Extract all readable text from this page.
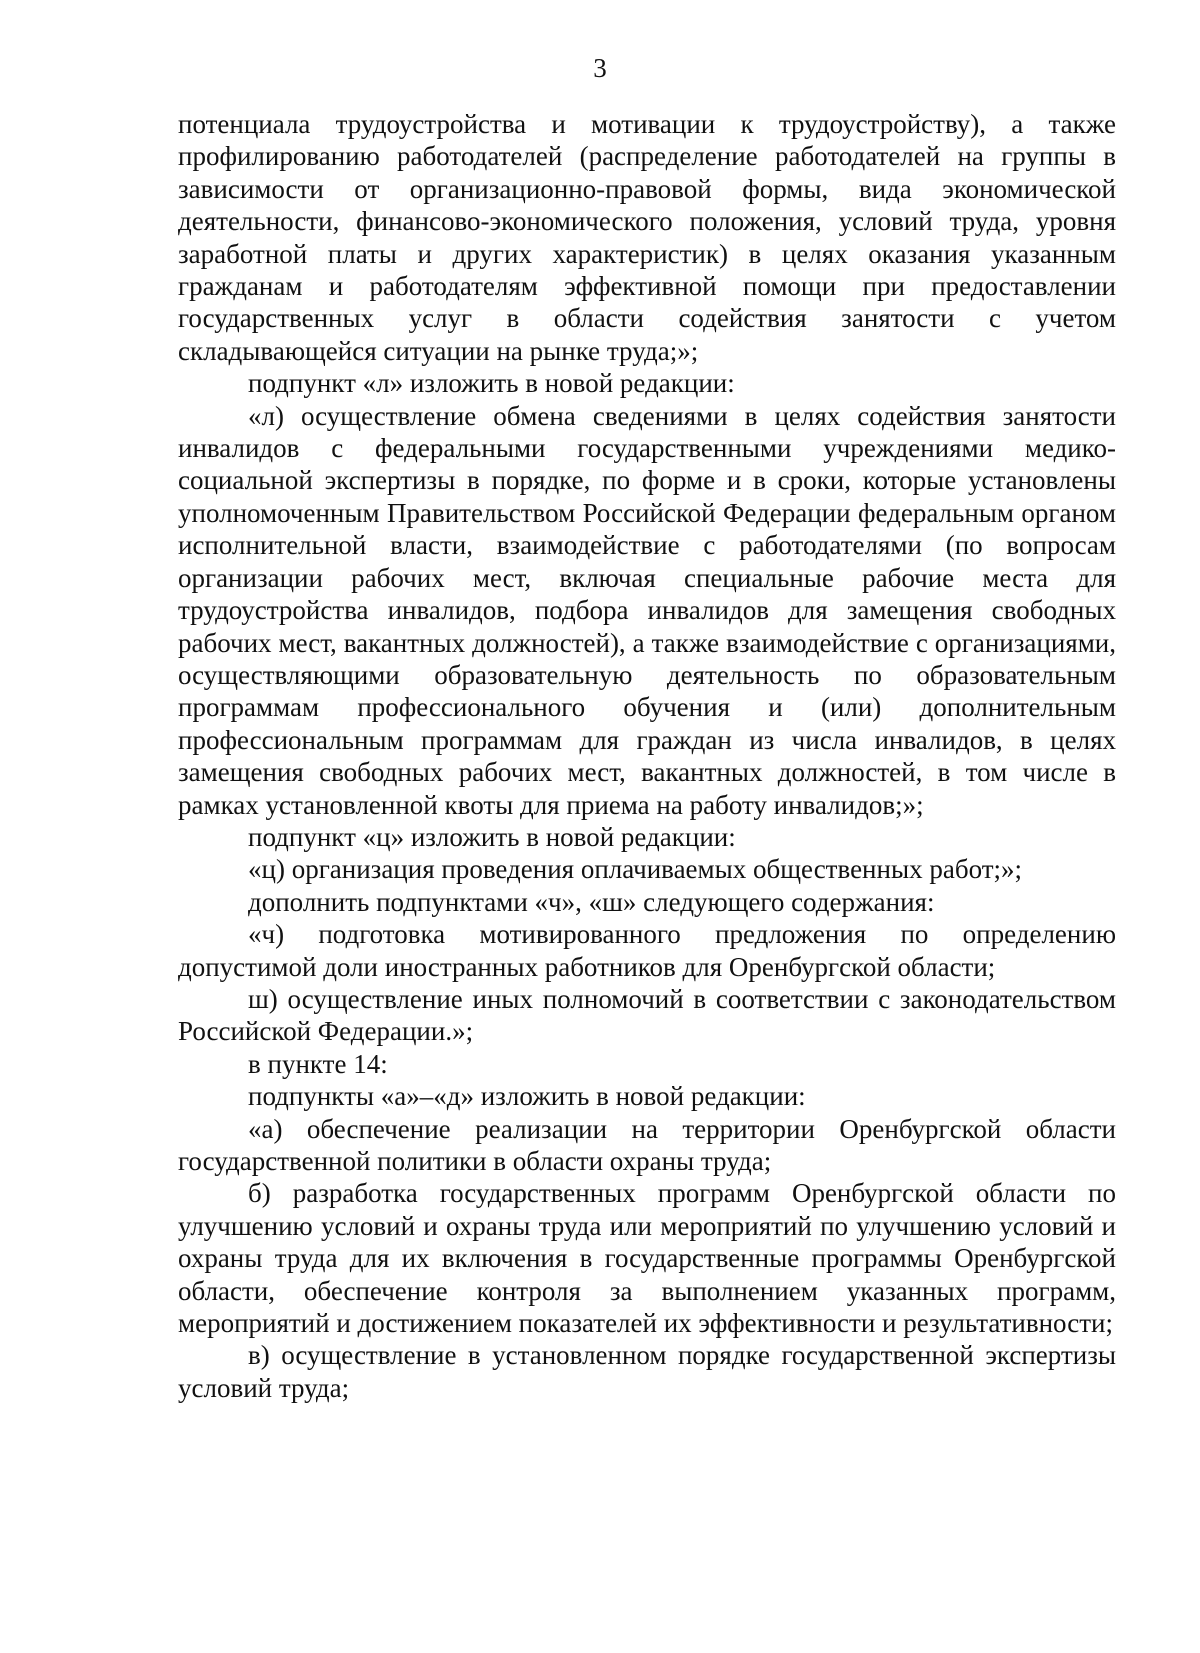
3

потенциала трудоустройства и мотивации к трудоустройству), а также профилированию работодателей (распределение работодателей на группы в зависимости от организационно-правовой формы, вида экономической деятельности, финансово-экономического положения, условий труда, уровня заработной платы и других характеристик) в целях оказания указанным гражданам и работодателям эффективной помощи при предоставлении государственных услуг в области содействия занятости с учетом складывающейся ситуации на рынке труда;»;

подпункт «л» изложить в новой редакции:

«л) осуществление обмена сведениями в целях содействия занятости инвалидов с федеральными государственными учреждениями медико-социальной экспертизы в порядке, по форме и в сроки, которые установлены уполномоченным Правительством Российской Федерации федеральным органом исполнительной власти, взаимодействие с работодателями (по вопросам организации рабочих мест, включая специальные рабочие места для трудоустройства инвалидов, подбора инвалидов для замещения свободных рабочих мест, вакантных должностей), а также взаимодействие с организациями, осуществляющими образовательную деятельность по образовательным программам профессионального обучения и (или) дополнительным профессиональным программам для граждан из числа инвалидов, в целях замещения свободных рабочих мест, вакантных должностей, в том числе в рамках установленной квоты для приема на работу инвалидов;»;

подпункт «ц» изложить в новой редакции:

«ц) организация проведения оплачиваемых общественных работ;»;

дополнить подпунктами «ч», «ш» следующего содержания:

«ч) подготовка мотивированного предложения по определению допустимой доли иностранных работников для Оренбургской области;

ш) осуществление иных полномочий в соответствии с законодательством Российской Федерации.»;

в пункте 14:

подпункты «а»–«д» изложить в новой редакции:

«а) обеспечение реализации на территории Оренбургской области государственной политики в области охраны труда;

б) разработка государственных программ Оренбургской области по улучшению условий и охраны труда или мероприятий по улучшению условий и охраны труда для их включения в государственные программы Оренбургской области, обеспечение контроля за выполнением указанных программ, мероприятий и достижением показателей их эффективности и результативности;

в) осуществление в установленном порядке государственной экспертизы условий труда;
